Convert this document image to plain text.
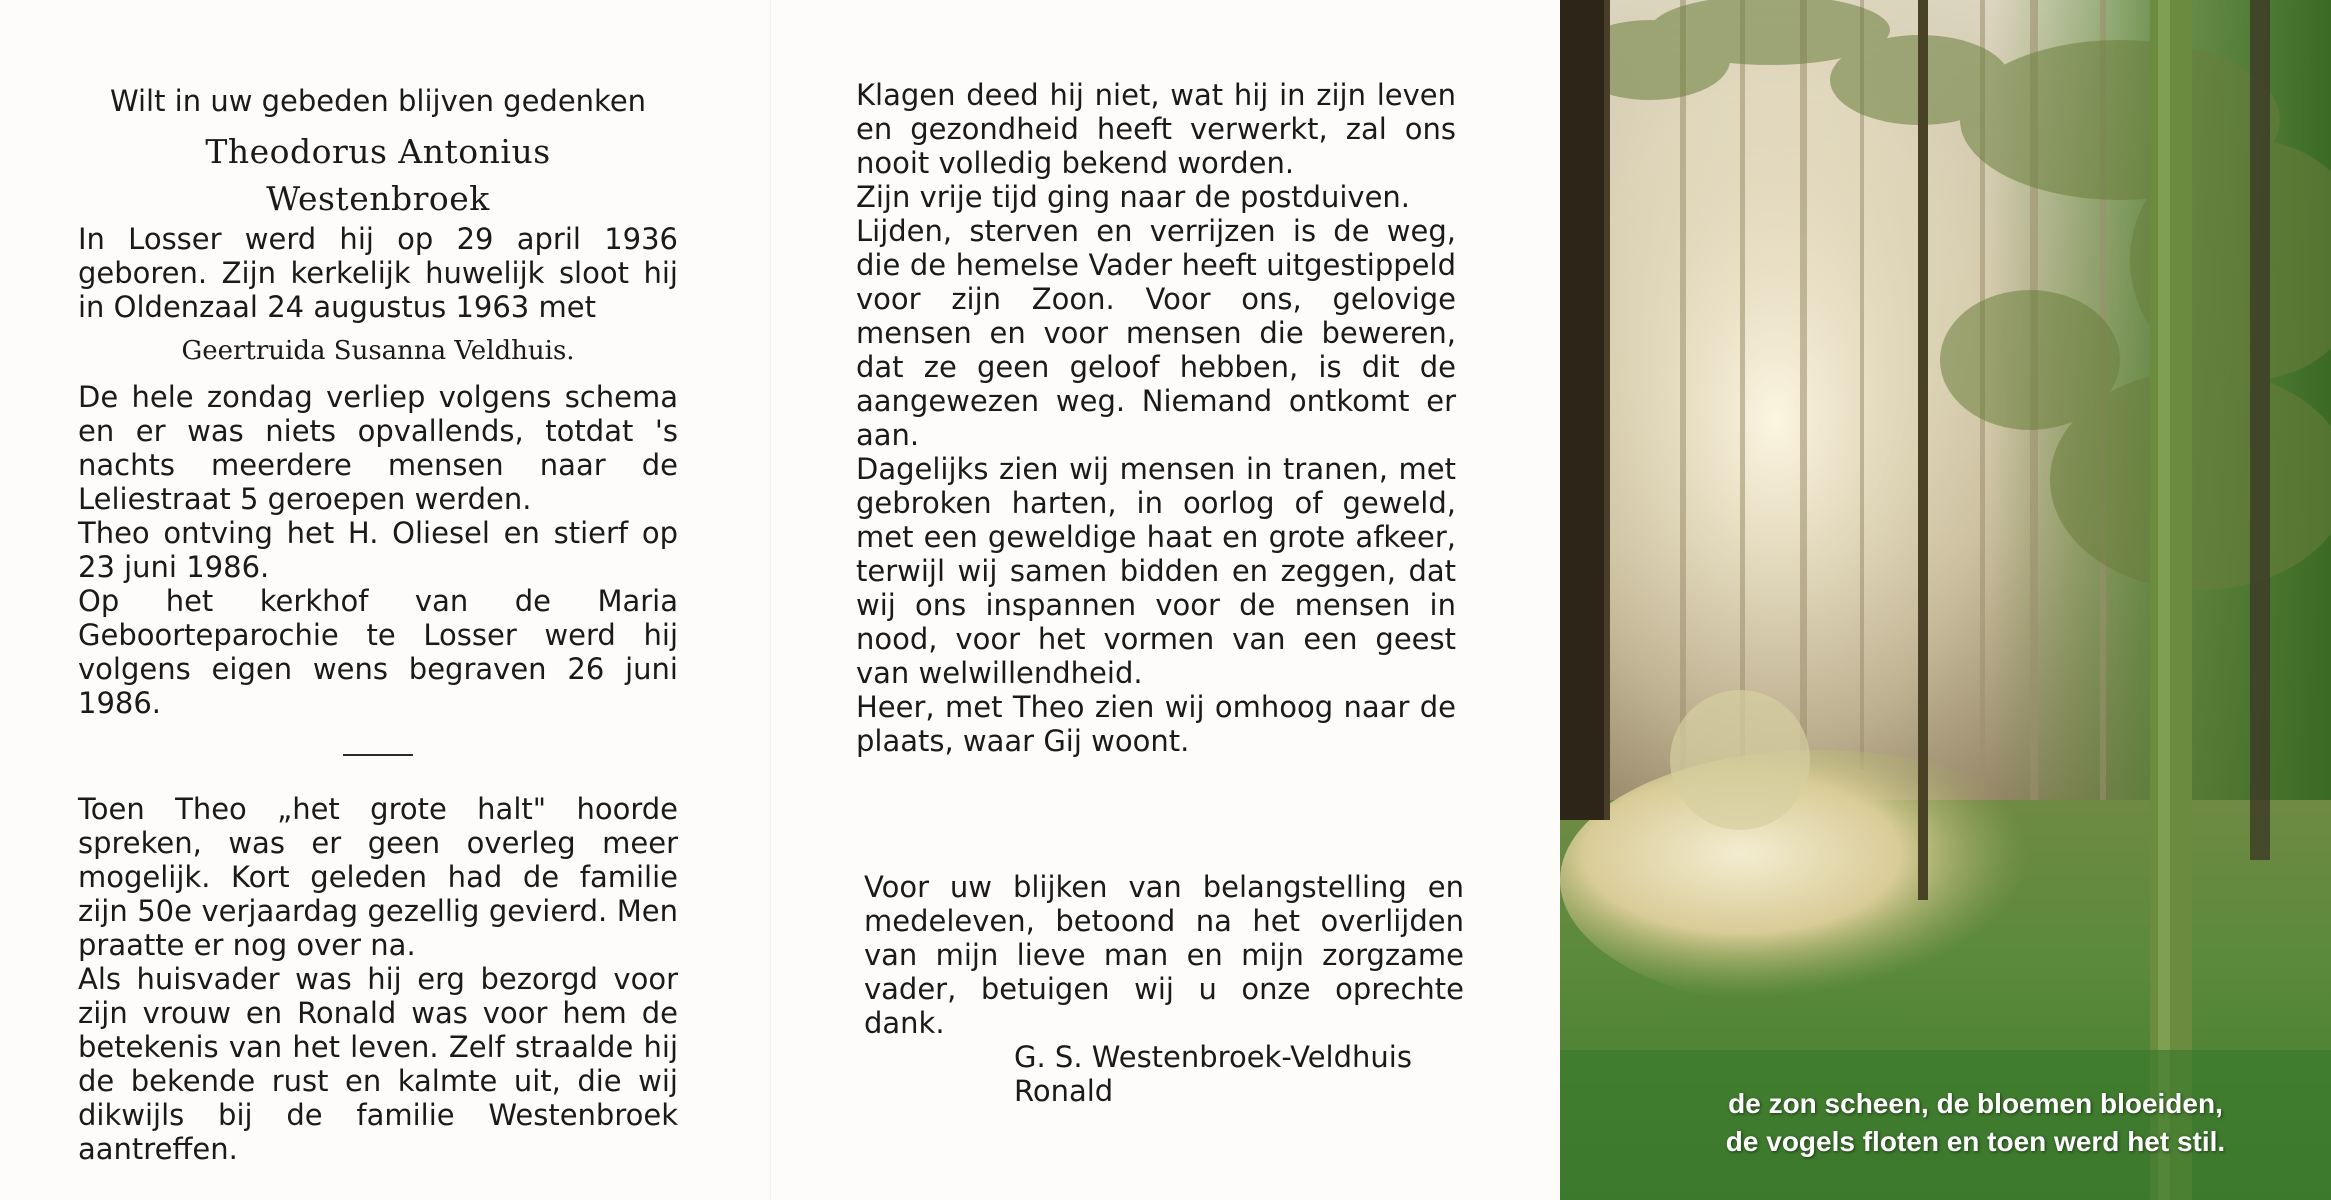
Wilt in uw gebeden blijven gedenken

Theodorus Antonius

Westenbroek

In Losser werd hij op 29 april 1936 geboren. Zijn kerkelijk huwelijk sloot hij in Oldenzaal 24 augustus 1963 met

Geertruida Susanna Veldhuis.

De hele zondag verliep volgens schema en er was niets opvallends, totdat 's nachts meerdere mensen naar de Leliestraat 5 geroepen werden.

Theo ontving het H. Oliesel en stierf op 23 juni 1986.

Op het kerkhof van de Maria Geboorteparochie te Losser werd hij volgens eigen wens begraven 26 juni 1986.

Toen Theo „het grote halt" hoorde spreken, was er geen overleg meer mogelijk. Kort geleden had de familie zijn 50e verjaardag gezellig gevierd. Men praatte er nog over na.

Als huisvader was hij erg bezorgd voor zijn vrouw en Ronald was voor hem de betekenis van het leven. Zelf straalde hij de bekende rust en kalmte uit, die wij dikwijls bij de familie Westenbroek aantreffen.

Klagen deed hij niet, wat hij in zijn leven en gezondheid heeft verwerkt, zal ons nooit volledig bekend worden.

Zijn vrije tijd ging naar de postduiven.

Lijden, sterven en verrijzen is de weg, die de hemelse Vader heeft uitgestippeld voor zijn Zoon. Voor ons, gelovige mensen en voor mensen die beweren, dat ze geen geloof hebben, is dit de aangewezen weg. Niemand ontkomt er aan.

Dagelijks zien wij mensen in tranen, met gebroken harten, in oorlog of geweld, met een geweldige haat en grote afkeer, terwijl wij samen bidden en zeggen, dat wij ons inspannen voor de mensen in nood, voor het vormen van een geest van welwillendheid.

Heer, met Theo zien wij omhoog naar de plaats, waar Gij woont.

Voor uw blijken van belangstelling en medeleven, betoond na het overlijden van mijn lieve man en mijn zorgzame vader, betuigen wij u onze oprechte dank.

G. S. Westenbroek-Veldhuis

Ronald	de zon scheen, de bloemen bloeiden,
de vogels floten en toen werd het stil.
